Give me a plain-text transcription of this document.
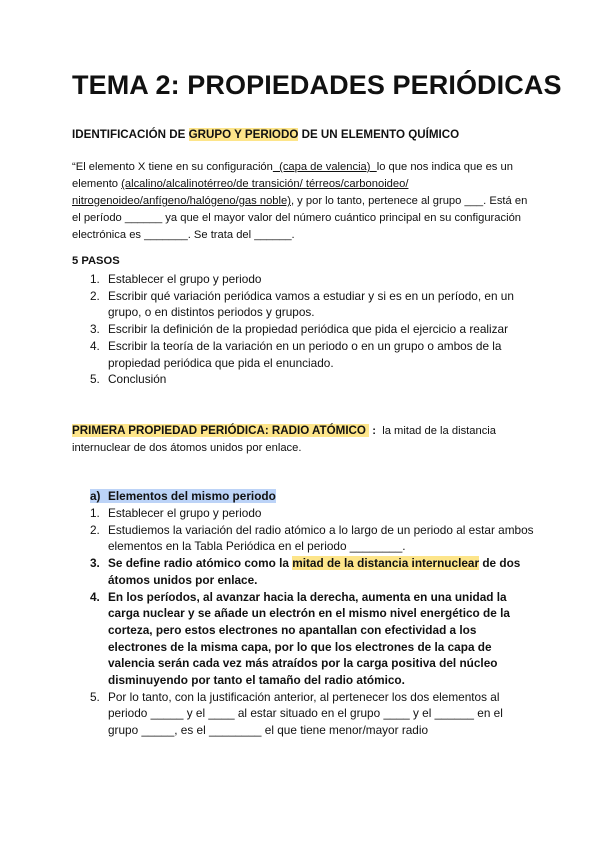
TEMA 2: PROPIEDADES PERIÓDICAS
IDENTIFICACIÓN DE GRUPO Y PERIODO DE UN ELEMENTO QUÍMICO
“El elemento X tiene en su configuración  (capa de valencia)  lo que nos indica que es un
elemento (alcalino/alcalinotérreo/de transición/ térreos/carbonoideo/
nitrogenoideo/anfígeno/halógeno/gas noble), y por lo tanto, pertenece al grupo ___. Está en
el período ______ ya que el mayor valor del número cuántico principal en su configuración
electrónica es _______. Se trata del ______.
5 PASOS
1. Establecer el grupo y periodo
2. Escribir qué variación periódica vamos a estudiar y si es en un período, en un grupo, o en distintos periodos y grupos.
3. Escribir la definición de la propiedad periódica que pida el ejercicio a realizar
4. Escribir la teoría de la variación en un periodo o en un grupo o ambos de la propiedad periódica que pida el enunciado.
5. Conclusión
PRIMERA PROPIEDAD PERIÓDICA: RADIO ATÓMICO  :  la mitad de la distancia internuclear de dos átomos unidos por enlace.
a) Elementos del mismo periodo
1. Establecer el grupo y periodo
2. Estudiemos la variación del radio atómico a lo largo de un periodo al estar ambos elementos en la Tabla Periódica en el periodo ________.
3. Se define radio atómico como la mitad de la distancia internuclear de dos átomos unidos por enlace.
4. En los períodos, al avanzar hacia la derecha, aumenta en una unidad la carga nuclear y se añade un electrón en el mismo nivel energético de la corteza, pero estos electrones no apantallan con efectividad a los electrones de la misma capa, por lo que los electrones de la capa de valencia serán cada vez más atraídos por la carga positiva del núcleo disminuyendo por tanto el tamaño del radio atómico.
5. Por lo tanto, con la justificación anterior, al pertenecer los dos elementos al periodo _____ y el ____ al estar situado en el grupo ____ y el ______ en el grupo _____, es el ________ el que tiene menor/mayor radio
